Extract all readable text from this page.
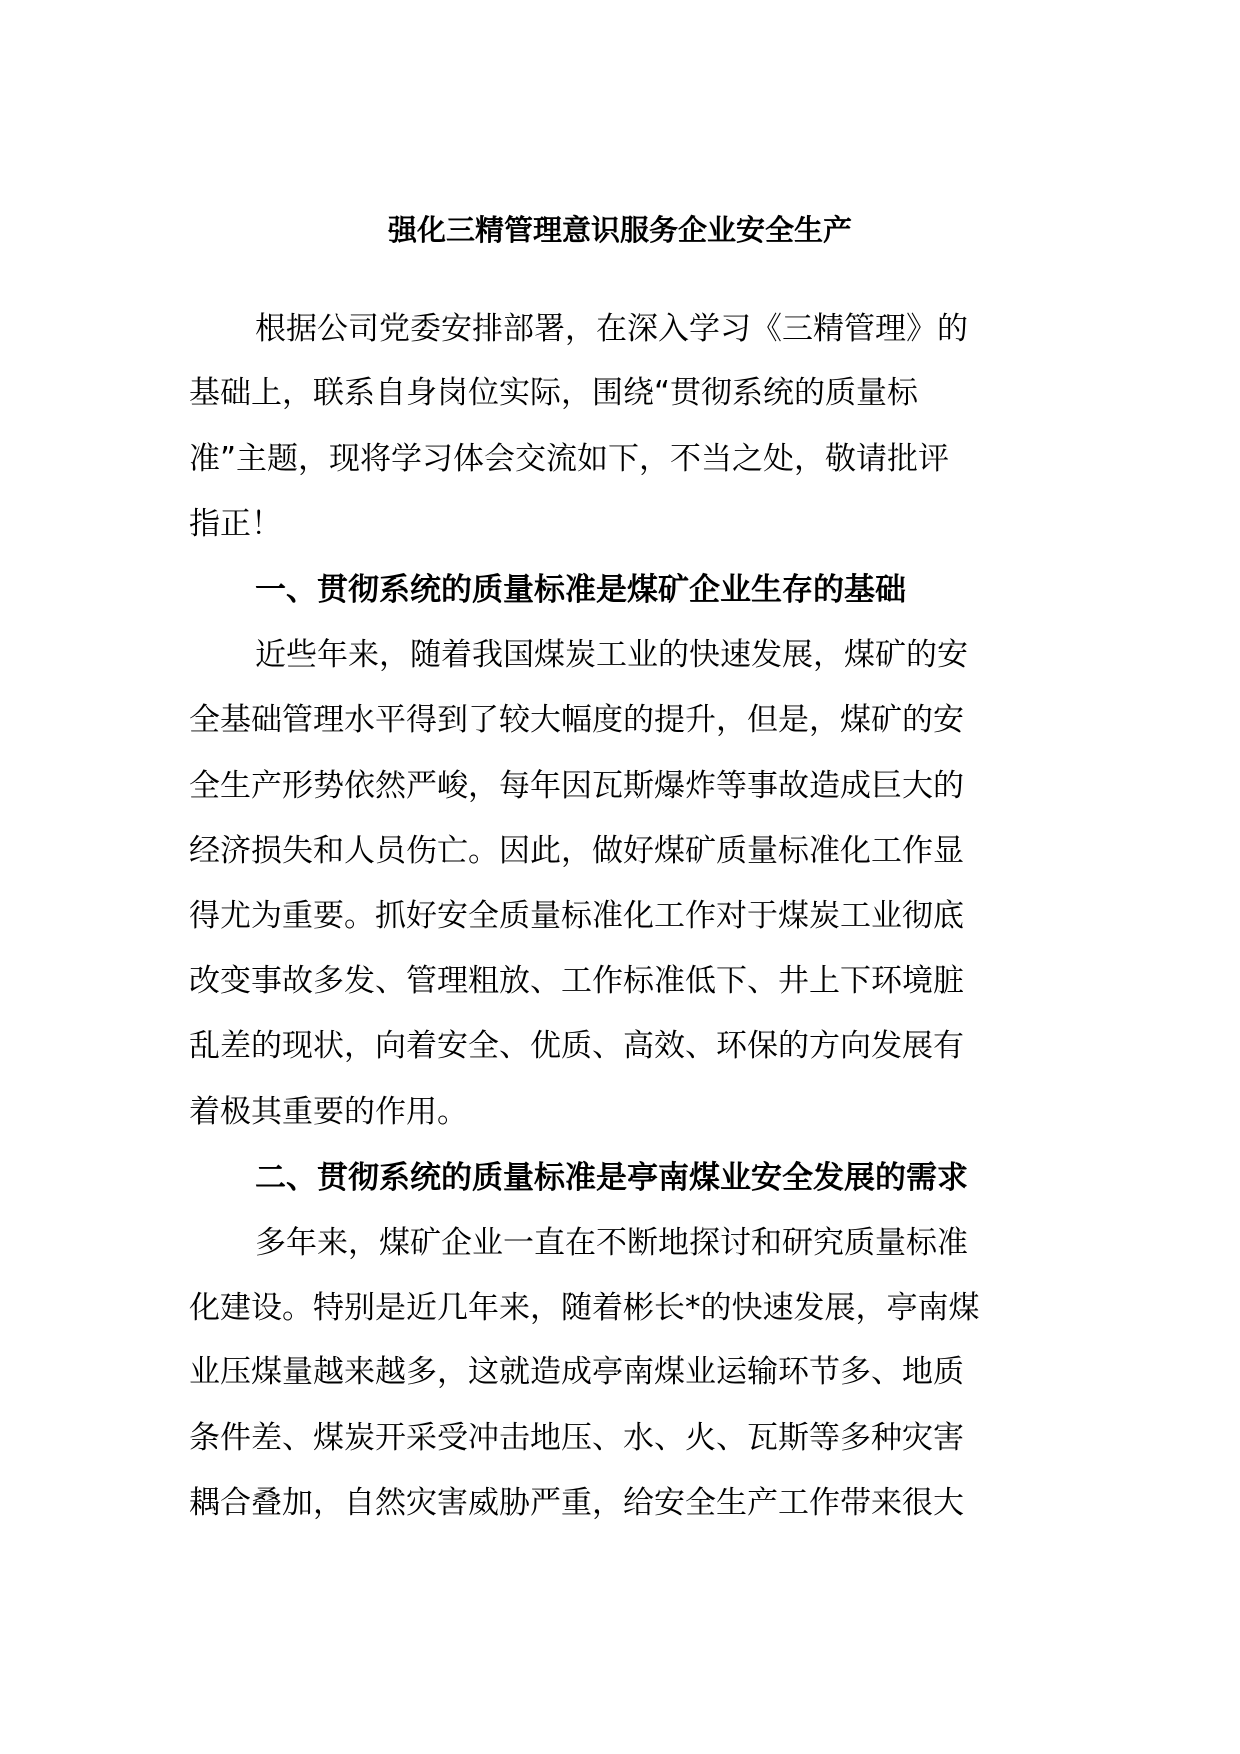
强化三精管理意识服务企业安全生产
根据公司党委安排部署，在深入学习《三精管理》的
基础上，联系自身岗位实际，围绕“贯彻系统的质量标
准”主题，现将学习体会交流如下，不当之处，敬请批评
指正！
一、贯彻系统的质量标准是煤矿企业生存的基础
近些年来，随着我国煤炭工业的快速发展，煤矿的安
全基础管理水平得到了较大幅度的提升，但是，煤矿的安
全生产形势依然严峻，每年因瓦斯爆炸等事故造成巨大的
经济损失和人员伤亡。因此，做好煤矿质量标准化工作显
得尤为重要。抓好安全质量标准化工作对于煤炭工业彻底
改变事故多发、管理粗放、工作标准低下、井上下环境脏
乱差的现状，向着安全、优质、高效、环保的方向发展有
着极其重要的作用。
二、贯彻系统的质量标准是亭南煤业安全发展的需求
多年来，煤矿企业一直在不断地探讨和研究质量标准
化建设。特别是近几年来，随着彬长*的快速发展，亭南煤
业压煤量越来越多，这就造成亭南煤业运输环节多、地质
条件差、煤炭开采受冲击地压、水、火、瓦斯等多种灾害
耦合叠加，自然灾害威胁严重，给安全生产工作带来很大
